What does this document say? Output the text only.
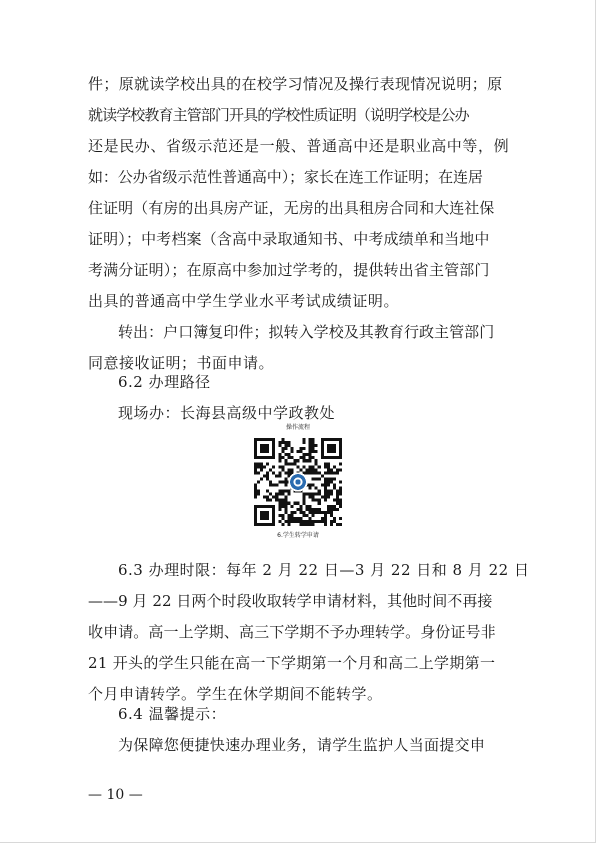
件；原就读学校出具的在校学习情况及操行表现情况说明；原
就读学校教育主管部门开具的学校性质证明（说明学校是公办
还是民办、省级示范还是一般、普通高中还是职业高中等，例
如：公办省级示范性普通高中）；家长在连工作证明；在连居
住证明（有房的出具房产证，无房的出具租房合同和大连社保
证明）；中考档案（含高中录取通知书、中考成绩单和当地中
考满分证明）；在原高中参加过学考的，提供转出省主管部门
出具的普通高中学生学业水平考试成绩证明。
转出：户口簿复印件；拟转入学校及其教育行政主管部门
同意接收证明；书面申请。
6.2 办理路径
现场办：长海县高级中学政教处
操作流程
6.学生转学申请
6.3 办理时限：每年 2 月 22 日—3 月 22 日和 8 月 22 日
——9 月 22 日两个时段收取转学申请材料，其他时间不再接
收申请。高一上学期、高三下学期不予办理转学。身份证号非
21 开头的学生只能在高一下学期第一个月和高二上学期第一
个月申请转学。学生在休学期间不能转学。
6.4 温馨提示：
为保障您便捷快速办理业务，请学生监护人当面提交申
— 10 —
